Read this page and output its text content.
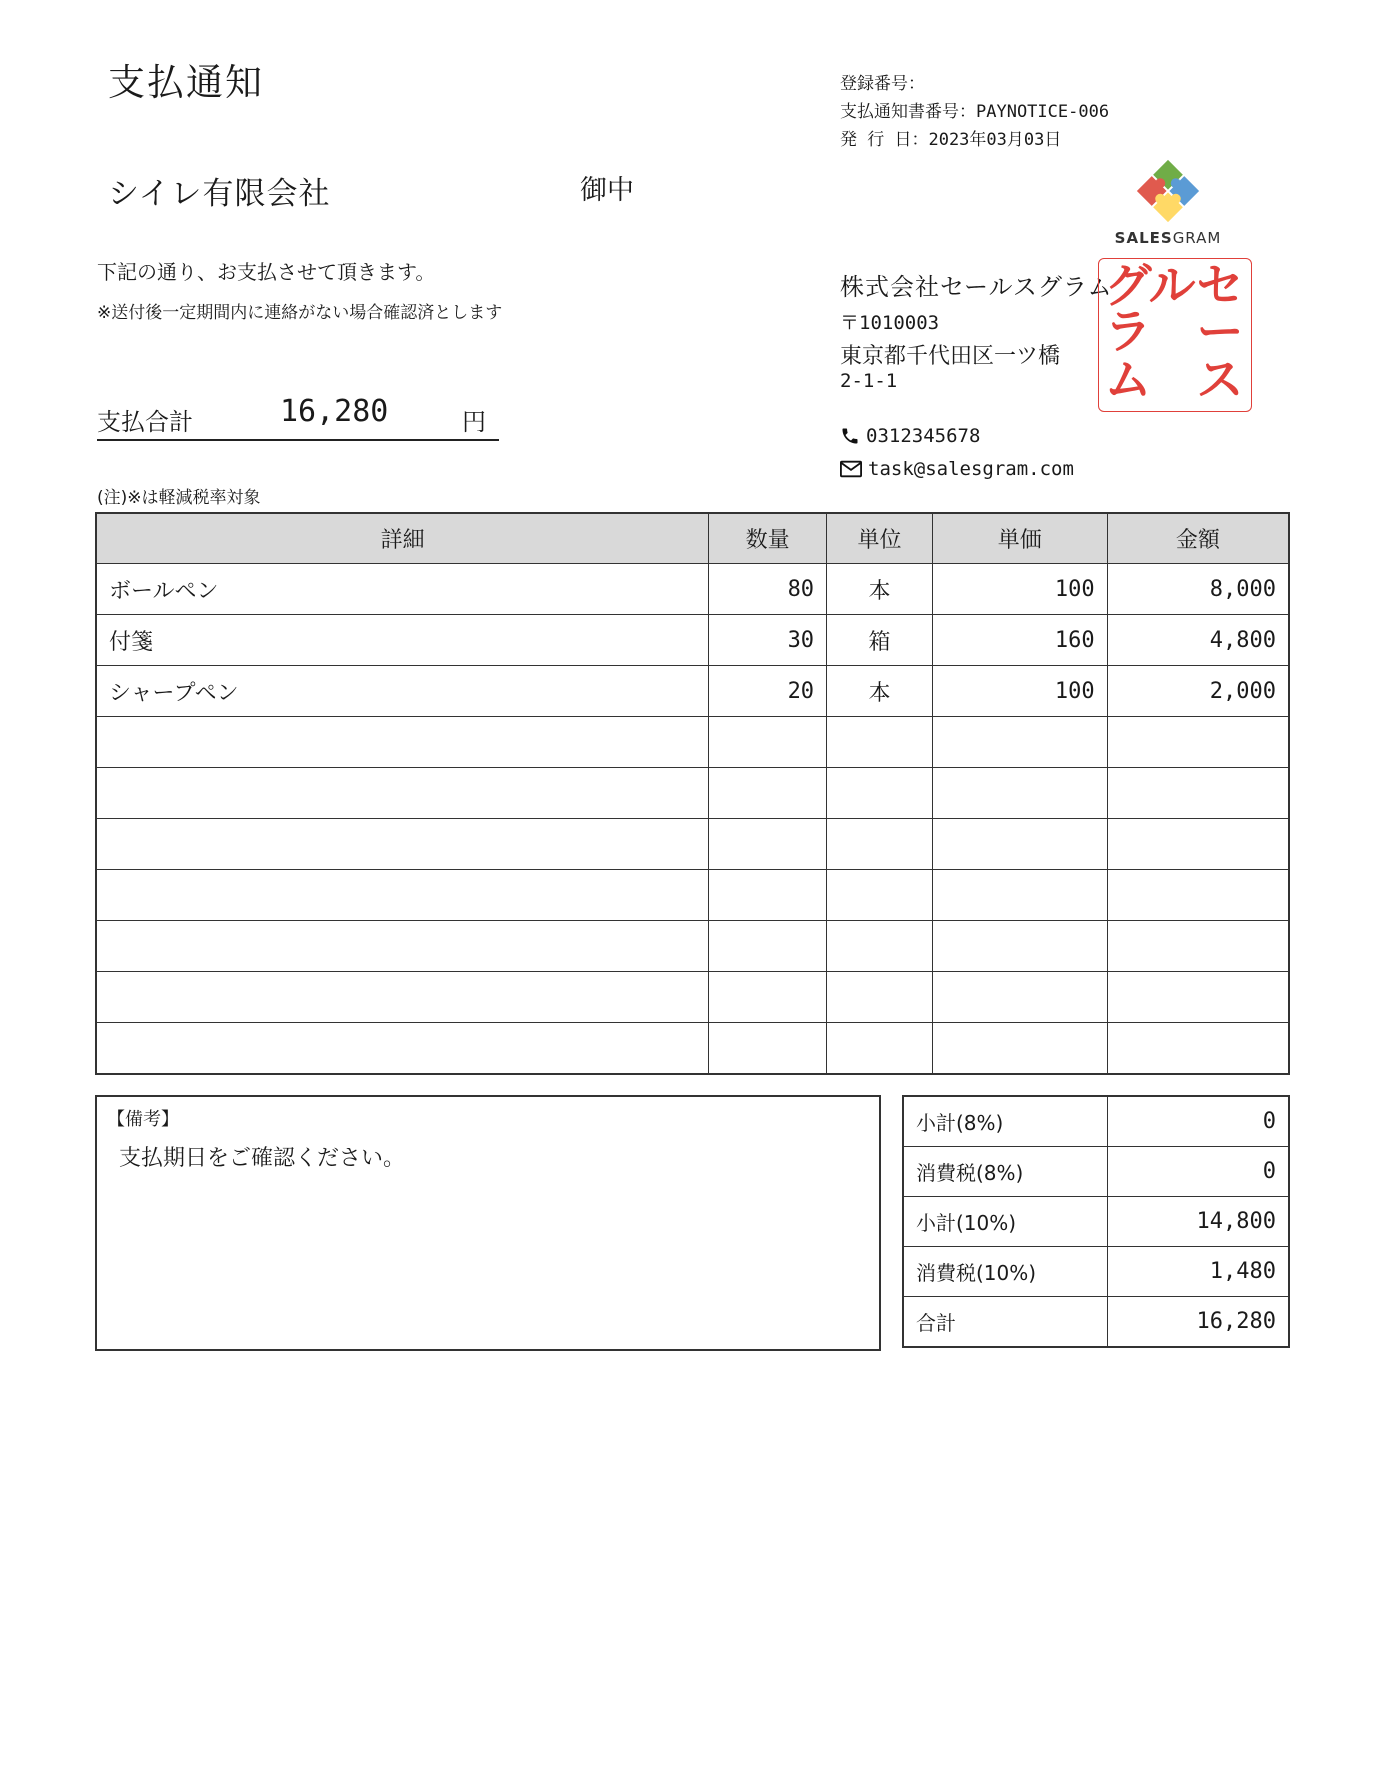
支払通知
シイレ有限会社	御中
下記の通り、お支払させて頂きます。
※送付後一定期間内に連絡がない場合確認済とします
支払合計	16,280	円
(注)※は軽減税率対象
登録番号：
支払通知書番号：PAYNOTICE-006
発 行 日：2023年03月03日
SALESGRAM
株式会社セールスグラム
〒1010003
東京都千代田区一ツ橋
2-1-1
0312345678
task@salesgram.com
セ
ー
ス
ル
グ
ラ
ム
詳細	数量	単位	単価	金額
ボールペン	80	本	100	8,000
付箋	30	箱	160	4,800
シャープペン	20	本	100	2,000

【備考】
支払期日をご確認ください。
小計(8%)	0
消費税(8%)	0
小計(10%)	14,800
消費税(10%)	1,480
合計	16,280
